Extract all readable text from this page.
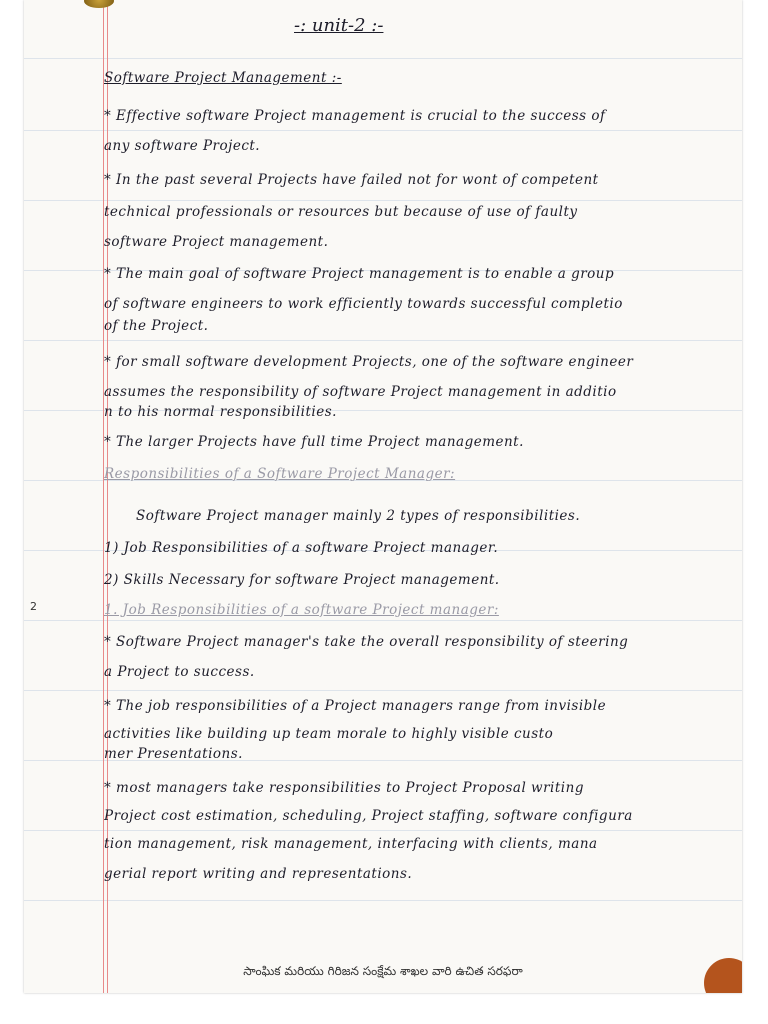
-: unit-2 :-
Software Project Management :-
* Effective software Project management is crucial to the success of
any software Project.
* In the past several Projects have failed not for wont of competent
technical professionals or resources but because of use of faulty
software Project management.
* The main goal of software Project management is to enable a group
of software engineers to work efficiently towards successful completio
of the Project.
* for small software development Projects, one of the software engineer
assumes the responsibility of software Project management in additio
n to his normal responsibilities.
* The larger Projects have full time Project management.
Responsibilities of a Software Project Manager:
Software Project manager mainly 2 types of responsibilities.
1) Job Responsibilities of a software Project manager.
2) Skills Necessary for software Project management.
1. Job Responsibilities of a software Project manager:
* Software Project manager's take the overall responsibility of steering
a Project to success.
* The job responsibilities of a Project managers range from invisible
activities like building up team morale to highly visible custo
mer Presentations.
* most managers take responsibilities to Project Proposal writing
Project cost estimation, scheduling, Project staffing, software configura
tion management, risk management, interfacing with clients, mana
gerial report writing and representations.
సాంఘిక మరియు గిరిజన సంక్షేమ శాఖల వారి ఉచిత సరఫరా
2
